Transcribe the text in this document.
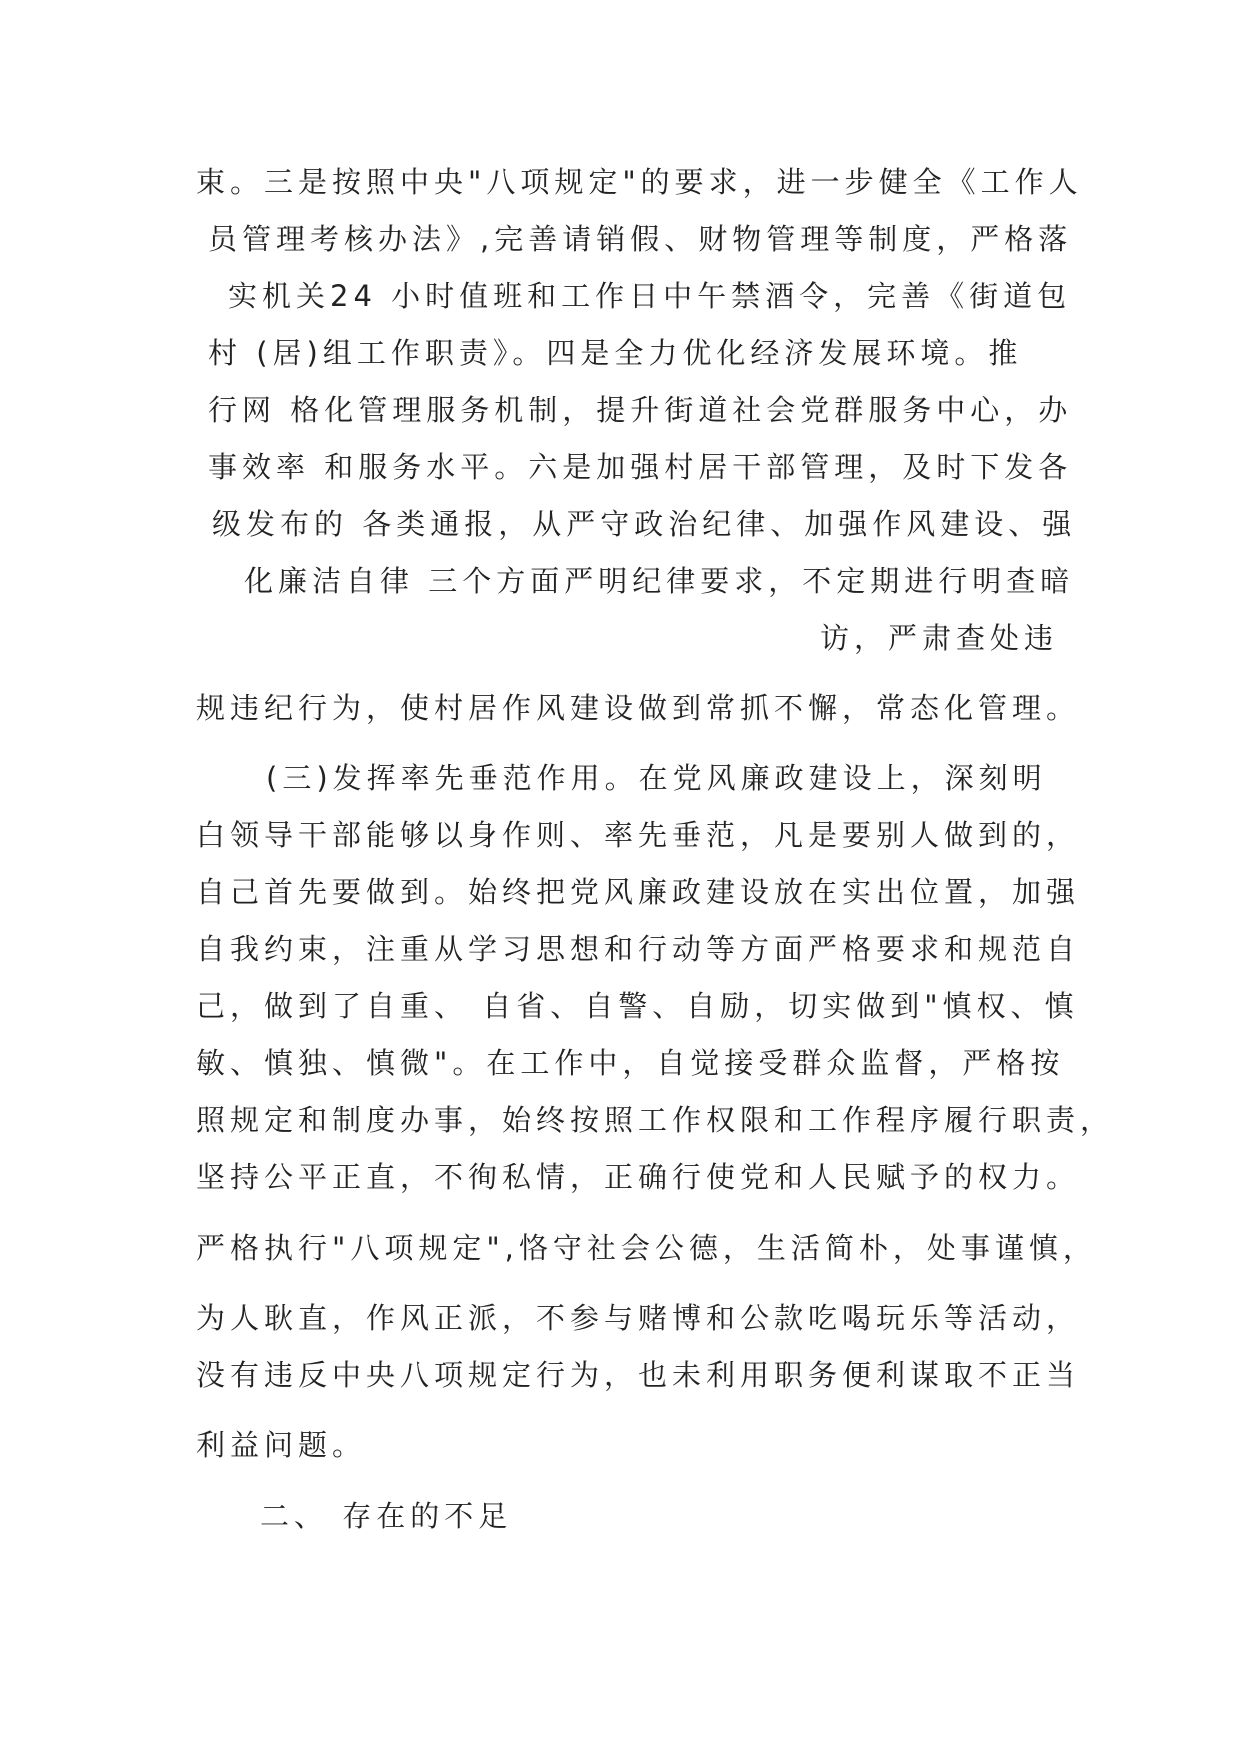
束。三是按照中央"八项规定"的要求，进一步健全《工作人
员管理考核办法》,完善请销假、财物管理等制度，严格落
实机关24 小时值班和工作日中午禁酒令，完善《街道包
村 (居)组工作职责》。四是全力优化经济发展环境。推
行网 格化管理服务机制，提升街道社会党群服务中心，办
事效率 和服务水平。六是加强村居干部管理，及时下发各
级发布的 各类通报，从严守政治纪律、加强作风建设、强
化廉洁自律 三个方面严明纪律要求，不定期进行明查暗
访，严肃查处违
规违纪行为，使村居作风建设做到常抓不懈，常态化管理。
(三)发挥率先垂范作用。在党风廉政建设上，深刻明
白领导干部能够以身作则、率先垂范，凡是要别人做到的，
自己首先要做到。始终把党风廉政建设放在实出位置，加强
自我约束，注重从学习思想和行动等方面严格要求和规范自
己，做到了自重、 自省、自警、自励，切实做到"慎权、慎
敏、慎独、慎微"。在工作中，自觉接受群众监督，严格按
照规定和制度办事，始终按照工作权限和工作程序履行职责，
坚持公平正直，不徇私情，正确行使党和人民赋予的权力。
严格执行"八项规定",恪守社会公德，生活简朴，处事谨慎，
为人耿直，作风正派，不参与赌博和公款吃喝玩乐等活动，
没有违反中央八项规定行为，也未利用职务便利谋取不正当
利益问题。
二、 存在的不足
